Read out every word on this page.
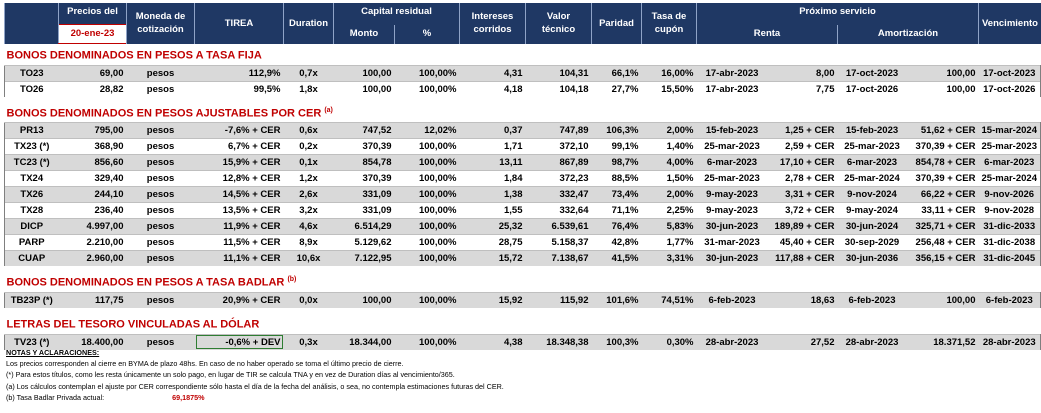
	Precios del	Moneda de cotización	TIREA	Duration	Capital residual		Intereses corridos	Valor técnico	Paridad	Tasa de cupón	Próximo servicio				Vencimiento
	20-ene-23				Monto	%					Renta		Amortización		
BONOS DENOMINADOS EN PESOS A TASA FIJA															
TO23	69,00	pesos	112,9%	0,7x	100,00	100,00%	4,31	104,31	66,1%	16,00%	17-abr-2023	8,00	17-oct-2023	100,00	17-oct-2023
TO26	28,82	pesos	99,5%	1,8x	100,00	100,00%	4,18	104,18	27,7%	15,50%	17-abr-2023	7,75	17-oct-2026	100,00	17-oct-2026

BONOS DENOMINADOS EN PESOS AJUSTABLES POR CER $^{(a)}$
PR13	795,00	pesos	-7,6% + CER	0,6x	747,52	12,02%	0,37	747,89	106,3%	2,00%	15-feb-2023	1,25 + CER	15-feb-2023	51,62 + CER	15-mar-2024
TX23 (*)	368,90	pesos	6,7% + CER	0,2x	370,39	100,00%	1,71	372,10	99,1%	1,40%	25-mar-2023	2,59 + CER	25-mar-2023	370,39 + CER	25-mar-2023
TC23 (*)	856,60	pesos	15,9% + CER	0,1x	854,78	100,00%	13,11	867,89	98,7%	4,00%	6-mar-2023	17,10 + CER	6-mar-2023	854,78 + CER	6-mar-2023
TX24	329,40	pesos	12,8% + CER	1,2x	370,39	100,00%	1,84	372,23	88,5%	1,50%	25-mar-2023	2,78 + CER	25-mar-2024	370,39 + CER	25-mar-2024
TX26	244,10	pesos	14,5% + CER	2,6x	331,09	100,00%	1,38	332,47	73,4%	2,00%	9-may-2023	3,31 + CER	9-nov-2024	66,22 + CER	9-nov-2026
TX28	236,40	pesos	13,5% + CER	3,2x	331,09	100,00%	1,55	332,64	71,1%	2,25%	9-may-2023	3,72 + CER	9-may-2024	33,11 + CER	9-nov-2028
DICP	4.997,00	pesos	11,9% + CER	4,6x	6.514,29	100,00%	25,32	6.539,61	76,4%	5,83%	30-jun-2023	189,89 + CER	30-jun-2024	325,71 + CER	31-dic-2033
PARP	2.210,00	pesos	11,5% + CER	8,9x	5.129,62	100,00%	28,75	5.158,37	42,8%	1,77%	31-mar-2023	45,40 + CER	30-sep-2029	256,48 + CER	31-dic-2038
CUAP	2.960,00	pesos	11,1% + CER	10,6x	7.122,95	100,00%	15,72	7.138,67	41,5%	3,31%	30-jun-2023	117,88 + CER	30-jun-2036	356,15 + CER	31-dic-2045

BONOS DENOMINADOS EN PESOS A TASA BADLAR $^{(b)}$
TB23P (*)	117,75	pesos	20,9% + CER	0,0x	100,00	100,00%	15,92	115,92	101,6%	74,51%	6-feb-2023	18,63	6-feb-2023	100,00	6-feb-2023

LETRAS DEL TESORO VINCULADAS AL DÓLAR															
TV23 (*)	18.400,00	pesos	-0,6% + DEV	0,3x	18.344,00	100,00%	4,38	18.348,38	100,3%	0,30%	28-abr-2023	27,52	28-abr-2023	18.371,52	28-abr-2023
NOTAS Y ACLARACIONES:
Los precios corresponden al cierre en BYMA de plazo 48hs. En caso de no haber operado se toma el último precio de cierre.
(*) Para estos títulos, como les resta únicamente un solo pago, en lugar de TIR se calcula TNA y en vez de Duration días al vencimiento/365.
(a) Los cálculos contemplan el ajuste por CER correspondiente sólo hasta el día de la fecha del análisis, o sea, no contempla estimaciones futuras del CER.
(b) Tasa Badlar Privada actual:	69,1875%
